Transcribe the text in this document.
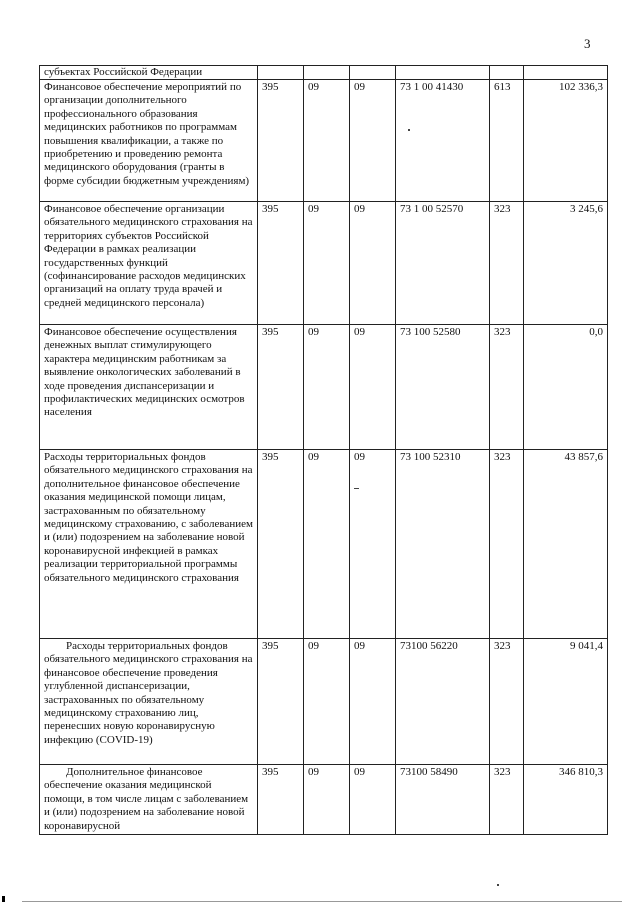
3
субъектах Российской Федерации						
Финансовое обеспечение мероприятий по организации дополнительного профессионального образования медицинских работников по программам повышения квалификации, а также по приобретению и проведению ремонта медицинского оборудования (гранты в форме субсидии бюджетным учреждениям)	395	09	09	73 1 00 41430	613	102 336,3
Финансовое обеспечение организации обязательного медицинского страхования на территориях субъектов Российской Федерации в рамках реализации государственных функций (софинансирование расходов медицинских организаций на оплату труда врачей и средней медицинского персонала)	395	09	09	73 1 00 52570	323	3 245,6
Финансовое обеспечение осуществления денежных выплат стимулирующего характера медицинским работникам за выявление онкологических заболеваний в ходе проведения диспансеризации и профилактических медицинских осмотров населения	395	09	09	73 100 52580	323	0,0
Расходы территориальных фондов обязательного медицинского страхования на дополнительное финансовое обеспечение оказания медицинской помощи лицам, застрахованным по обязательному медицинскому страхованию, с заболеванием и (или) подозрением на заболевание новой коронавирусной инфекцией в рамках реализации территориальной программы обязательного медицинского страхования	395	09	09	73 100 52310	323	43 857,6
Расходы территориальных фондов обязательного медицинского страхования на финансовое обеспечение проведения углубленной диспансеризации, застрахованных по обязательному медицинскому страхованию лиц, перенесших новую коронавирусную инфекцию (COVID-19)	395	09	09	73100 56220	323	9 041,4
Дополнительное финансовое обеспечение оказания медицинской помощи, в том числе лицам с заболеванием и (или) подозрением на заболевание новой коронавирусной	395	09	09	73100 58490	323	346 810,3
